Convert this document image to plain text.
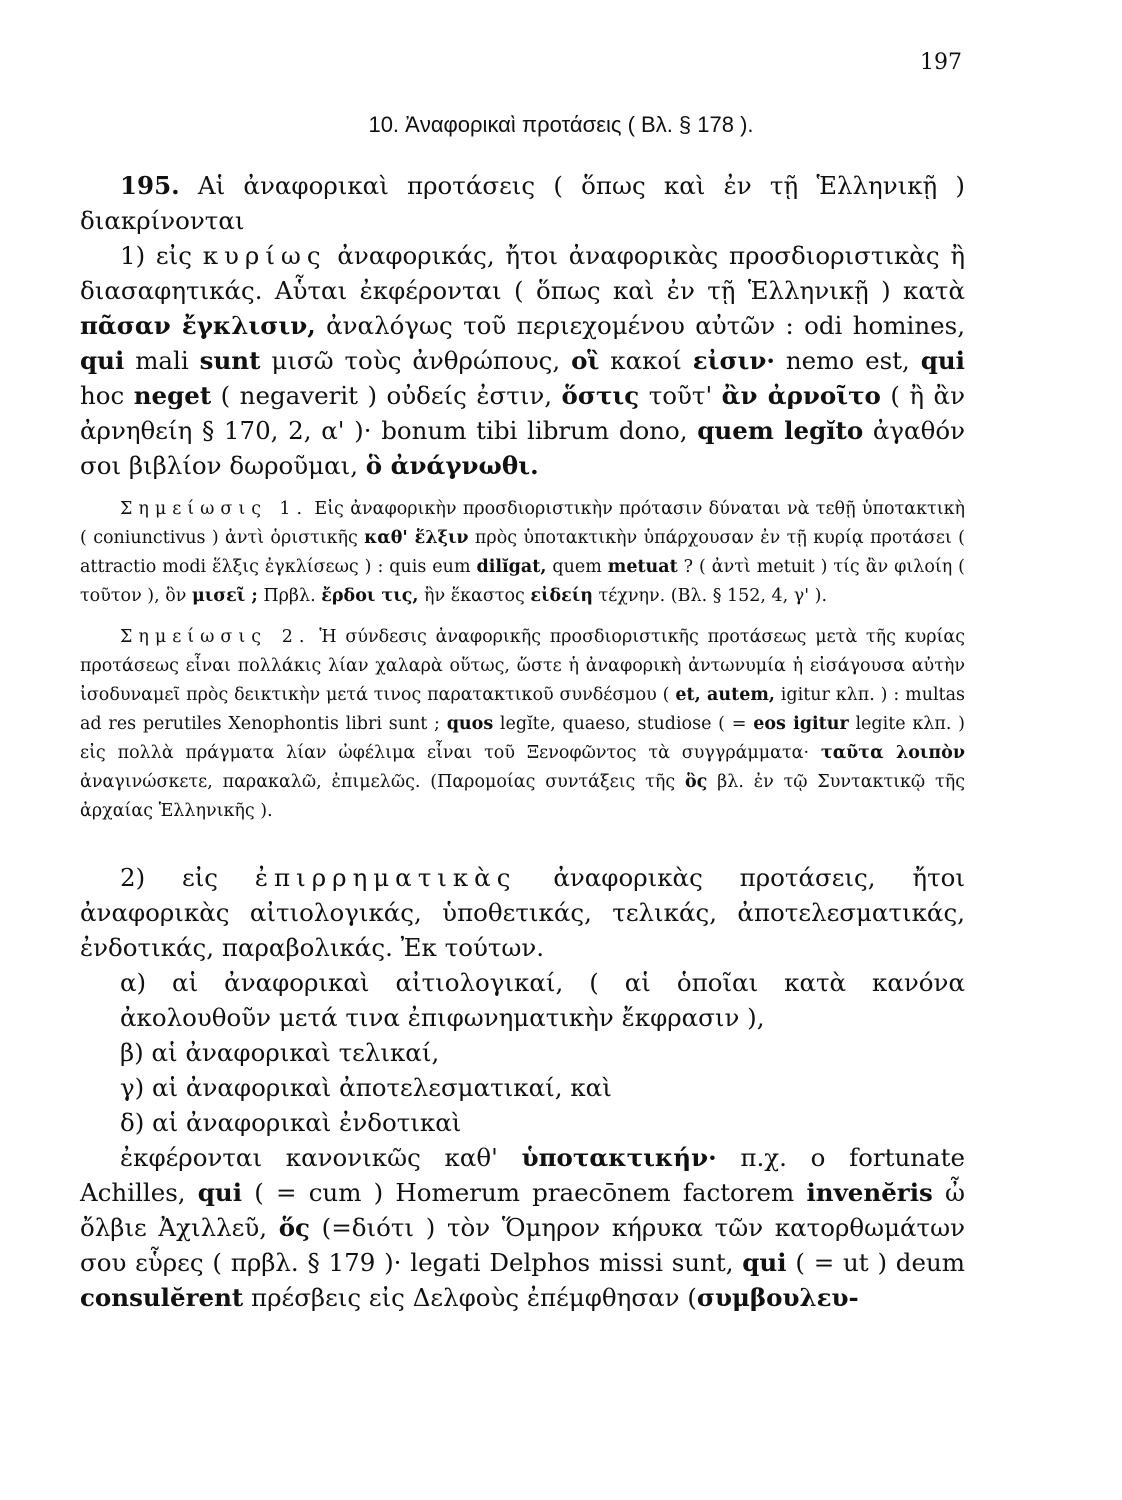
197
10. Ἀναφορικαὶ προτάσεις ( Βλ. § 178 ).

195. Αἱ ἀναφορικαὶ προτάσεις ( ὅπως καὶ ἐν τῇ Ἑλληνικῇ ) διακρίνονται

1) εἰς κυρίως ἀναφορικάς, ἤτοι ἀναφορικὰς προσδιοριστικὰς ἢ διασαφητικάς. Αὗται ἐκφέρονται ( ὅπως καὶ ἐν τῇ Ἑλληνικῇ ) κατὰ πᾶσαν ἔγκλισιν, ἀναλόγως τοῦ περιεχομένου αὐτῶν : odi homines, qui mali sunt μισῶ τοὺς ἀνθρώπους, οἳ κακοί εἰσιν· nemo est, qui hoc neget ( negaverit ) οὐδείς ἐστιν, ὅστις τοῦτ' ἂν ἀρνοῖτο ( ἢ ἂν ἀρνηθείη § 170, 2, α' )· bonum tibi librum dono, quem legĭto ἀγαθόν σοι βιβλίον δωροῦμαι, ὃ ἀνάγνωθι.

Σημείωσις 1. Εἰς ἀναφορικὴν προσδιοριστικὴν πρότασιν δύναται νὰ τεθῇ ὑποτακτικὴ ( coniunctivus ) ἀντὶ ὁριστικῆς καθ' ἕλξιν πρὸς ὑποτακτικὴν ὑπάρχουσαν ἐν τῇ κυρίᾳ προτάσει ( attractio modi ἕλξις ἐγκλίσεως ) : quis eum dilĭgat, quem metuat ? ( ἀντὶ metuit ) τίς ἂν φιλοίη ( τοῦτον ), ὃν μισεῖ ; Πρβλ. ἔρδοι τις, ἣν ἕκαστος εἰδείη τέχνην. (Βλ. § 152, 4, γ' ).

Σημείωσις 2. Ἡ σύνδεσις ἀναφορικῆς προσδιοριστικῆς προτάσεως μετὰ τῆς κυρίας προτάσεως εἶναι πολλάκις λίαν χαλαρὰ οὕτως, ὥστε ἡ ἀναφορικὴ ἀντωνυμία ἡ εἰσάγουσα αὐτὴν ἰσοδυναμεῖ πρὸς δεικτικὴν μετά τινος παρατακτικοῦ συνδέσμου ( et, autem, igitur κλπ. ) : multas ad res perutiles Xenophontis libri sunt ; quos legĭte, quaeso, studiose ( = eos igitur legite κλπ. ) εἰς πολλὰ πράγματα λίαν ὠφέλιμα εἶναι τοῦ Ξενοφῶντος τὰ συγγράμματα· ταῦτα λοιπὸν ἀναγινώσκετε, παρακαλῶ, ἐπιμελῶς. (Παρομοίας συντάξεις τῆς ὃς βλ. ἐν τῷ Συντακτικῷ τῆς ἀρχαίας Ἑλληνικῆς ).

2) εἰς ἐπιρρηματικὰς ἀναφορικὰς προτάσεις, ἤτοι ἀναφορικὰς αἰτιολογικάς, ὑποθετικάς, τελικάς, ἀποτελεσματικάς, ἐνδοτικάς, παραβολικάς. Ἐκ τούτων.

α) αἱ ἀναφορικαὶ αἰτιολογικαί, ( αἱ ὁποῖαι κατὰ κανόνα ἀκολουθοῦν μετά τινα ἐπιφωνηματικὴν ἔκφρασιν ),

β) αἱ ἀναφορικαὶ τελικαί,

γ) αἱ ἀναφορικαὶ ἀποτελεσματικαί, καὶ

δ) αἱ ἀναφορικαὶ ἐνδοτικαὶ

ἐκφέρονται κανονικῶς καθ' ὑποτακτικήν· π.χ. o fortunate Achilles, qui ( = cum ) Homerum praecōnem factorem invenĕris ὦ ὄλβιε Ἀχιλλεῦ, ὅς (=διότι ) τὸν Ὅμηρον κήρυκα τῶν κατορθωμάτων σου εὗρες ( πρβλ. § 179 )· legati Delphos missi sunt, qui ( = ut ) deum consulĕrent πρέσβεις εἰς Δελφοὺς ἐπέμφθησαν (συμβουλευ-
